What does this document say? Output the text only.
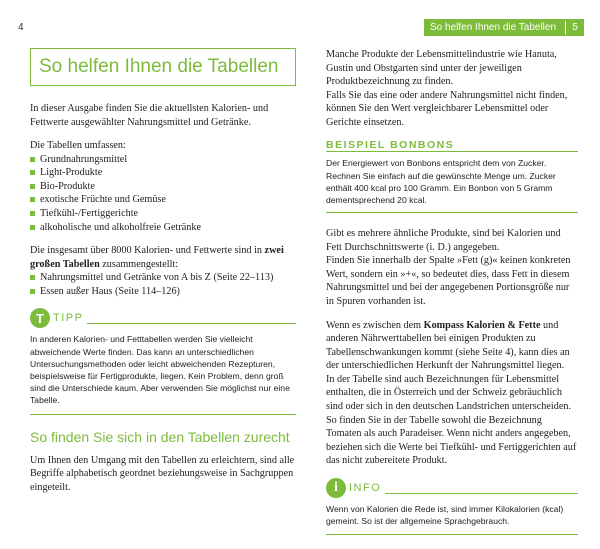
4	So helfen Ihnen die Tabellen	5
So helfen Ihnen die Tabellen

In dieser Ausgabe finden Sie die aktuellsten Kalorien- und Fettwerte ausgewählter Nahrungsmittel und Getränke.

Die Tabellen umfassen:

Grundnahrungsmittel
Light-Produkte
Bio-Produkte
exotische Früchte und Gemüse
Tiefkühl-/Fertiggerichte
alkoholische und alkoholfreie Getränke

Die insgesamt über 8000 Kalorien- und Fettwerte sind in zwei großen Tabellen zusammengestellt:

Nahrungsmittel und Getränke von A bis Z (Seite 22–113)
Essen außer Haus (Seite 114–126)
T TIPP
In anderen Kalorien- und Fetttabellen werden Sie vielleicht abweichende Werte finden. Das kann an unterschiedlichen Untersuchungsmethoden oder leicht abweichenden Rezepturen, beispielsweise für Fertigprodukte, liegen. Kein Problem, denn groß sind die Unterschiede kaum. Aber verwenden Sie möglichst nur eine Tabelle.
So finden Sie sich in den Tabellen zurecht

Um Ihnen den Umgang mit den Tabellen zu erleichtern, sind alle Begriffe alphabetisch geordnet beziehungsweise in Sachgruppen eingeteilt.

Manche Produkte der Lebensmittelindustrie wie Hanuta, Gustin und Obstgarten sind unter der jeweiligen Produktbezeichnung zu finden.

Falls Sie das eine oder andere Nahrungsmittel nicht finden, können Sie den Wert vergleichbarer Lebensmittel oder Gerichte einsetzen.

BEISPIEL BONBONS
Der Energiewert von Bonbons entspricht dem von Zucker. Rechnen Sie einfach auf die gewünschte Menge um. Zucker enthält 400 kcal pro 100 Gramm. Ein Bonbon von 5 Gramm dementsprechend 20 kcal.

Gibt es mehrere ähnliche Produkte, sind bei Kalorien und Fett Durchschnittswerte (i. D.) angegeben.

Finden Sie innerhalb der Spalte »Fett (g)« keinen konkreten Wert, sondern ein »+«, so bedeutet dies, dass Fett in diesem Nahrungsmittel und bei der angegebenen Portionsgröße nur in Spuren vorhanden ist.

Wenn es zwischen dem Kompass Kalorien & Fette und anderen Nährwerttabellen bei einigen Produkten zu Tabellenschwankungen kommt (siehe Seite 4), kann dies an der unterschiedlichen Herkunft der Nahrungsmittel liegen.

In der Tabelle sind auch Bezeichnungen für Lebensmittel enthalten, die in Österreich und der Schweiz gebräuchlich sind oder sich in den deutschen Landstrichen unterscheiden. So finden Sie in der Tabelle sowohl die Bezeichnung Tomaten als auch Paradeiser. Wenn nicht anders angegeben, beziehen sich die Werte bei Tiefkühl- und Fertiggerichten auf das nicht zubereitete Produkt.

i	INFO
Wenn von Kalorien die Rede ist, sind immer Kilokalorien (kcal) gemeint. So ist der allgemeine Sprachgebrauch.
